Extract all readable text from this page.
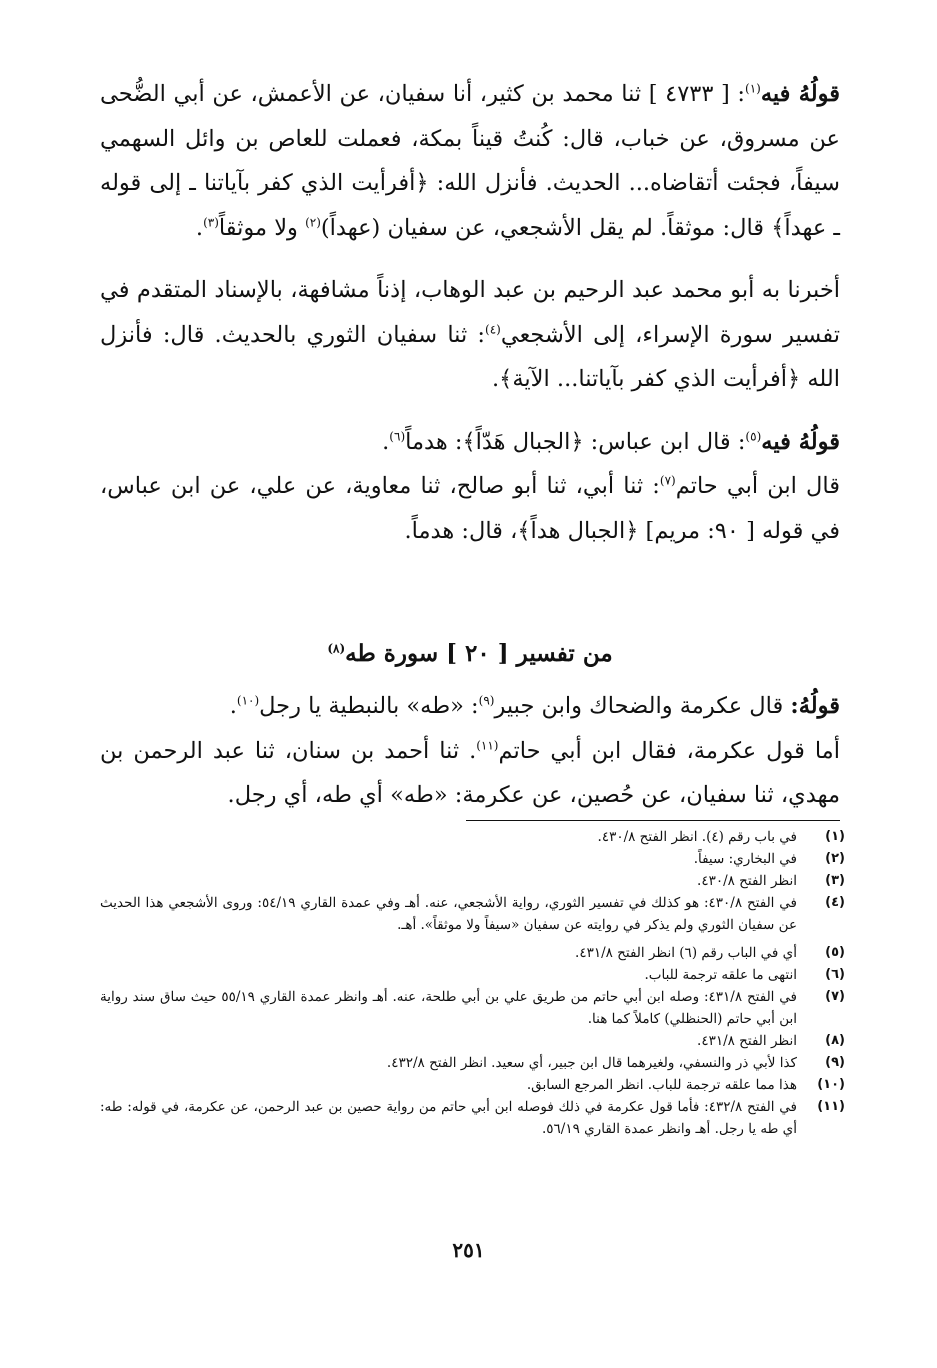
قولُهُ فيه$^{(١)}$: [ ٤٧٣٣ ] ثنا محمد بن كثير، أنا سفيان، عن الأعمش، عن أبي الضُّحى عن مسروق، عن خباب، قال: كُنتُ قيناً بمكة، فعملت للعاص بن وائل السهمي سيفاً، فجئت أتقاضاه... الحديث. فأنزل الله: ﴿أفرأيت الذي كفر بآياتنا ـ إلى قوله ـ عهداً﴾ قال: موثقاً. لم يقل الأشجعي، عن سفيان (عهداً)$^{(٢)}$ ولا موثقاً$^{(٣)}$.

أخبرنا به أبو محمد عبد الرحيم بن عبد الوهاب، إذناً مشافهة، بالإسناد المتقدم في تفسير سورة الإسراء، إلى الأشجعي$^{(٤)}$: ثنا سفيان الثوري بالحديث. قال: فأنزل الله ﴿أفرأيت الذي كفر بآياتنا... الآية﴾.

قولُهُ فيه$^{(٥)}$: قال ابن عباس: ﴿الجبال هَدّاً﴾: هدماً$^{(٦)}$.

قال ابن أبي حاتم$^{(٧)}$: ثنا أبي، ثنا أبو صالح، ثنا معاوية، عن علي، عن ابن عباس، في قوله [ ٩٠: مريم] ﴿الجبال هداً﴾، قال: هدماً.

من تفسير [ ٢٠ ] سورة طه$^{(٨)}$

قولُهُ: قال عكرمة والضحاك وابن جبير$^{(٩)}$: «طه» بالنبطية يا رجل$^{(١٠)}$.

أما قول عكرمة، فقال ابن أبي حاتم$^{(١١)}$. ثنا أحمد بن سنان، ثنا عبد الرحمن بن مهدي، ثنا سفيان، عن حُصين، عن عكرمة: «طه» أي طه، أي رجل.

(١)
في باب رقم (٤). انظر الفتح ٤٣٠/٨.
(٢)
في البخاري: سيفاً.
(٣)
انظر الفتح ٤٣٠/٨.
(٤)
في الفتح ٤٣٠/٨: هو كذلك في تفسير الثوري، رواية الأشجعي، عنه. أهـ وفي عمدة القاري ٥٤/١٩: وروى الأشجعي هذا الحديث عن سفيان الثوري ولم يذكر في روايته عن سفيان «سيفاً ولا موثقاً». أهـ.
(٥)
أي في الباب رقم (٦) انظر الفتح ٤٣١/٨.
(٦)
انتهى ما علقه ترجمة للباب.
(٧)
في الفتح ٤٣١/٨: وصله ابن أبي حاتم من طريق علي بن أبي طلحة، عنه. أهـ وانظر عمدة القاري ٥٥/١٩ حيث ساق سند رواية ابن أبي حاتم (الحنظلي) كاملاً كما هنا.
(٨)
انظر الفتح ٤٣١/٨.
(٩)
كذا لأبي ذر والنسفي، ولغيرهما قال ابن جبير، أي سعيد. انظر الفتح ٤٣٢/٨.
(١٠)
هذا مما علقه ترجمة للباب. انظر المرجع السابق.
(١١)
في الفتح ٤٣٢/٨: فأما قول عكرمة في ذلك فوصله ابن أبي حاتم من رواية حصين بن عبد الرحمن، عن عكرمة، في قوله: طه: أي طه يا رجل. أهـ وانظر عمدة القاري ٥٦/١٩.
٢٥١
